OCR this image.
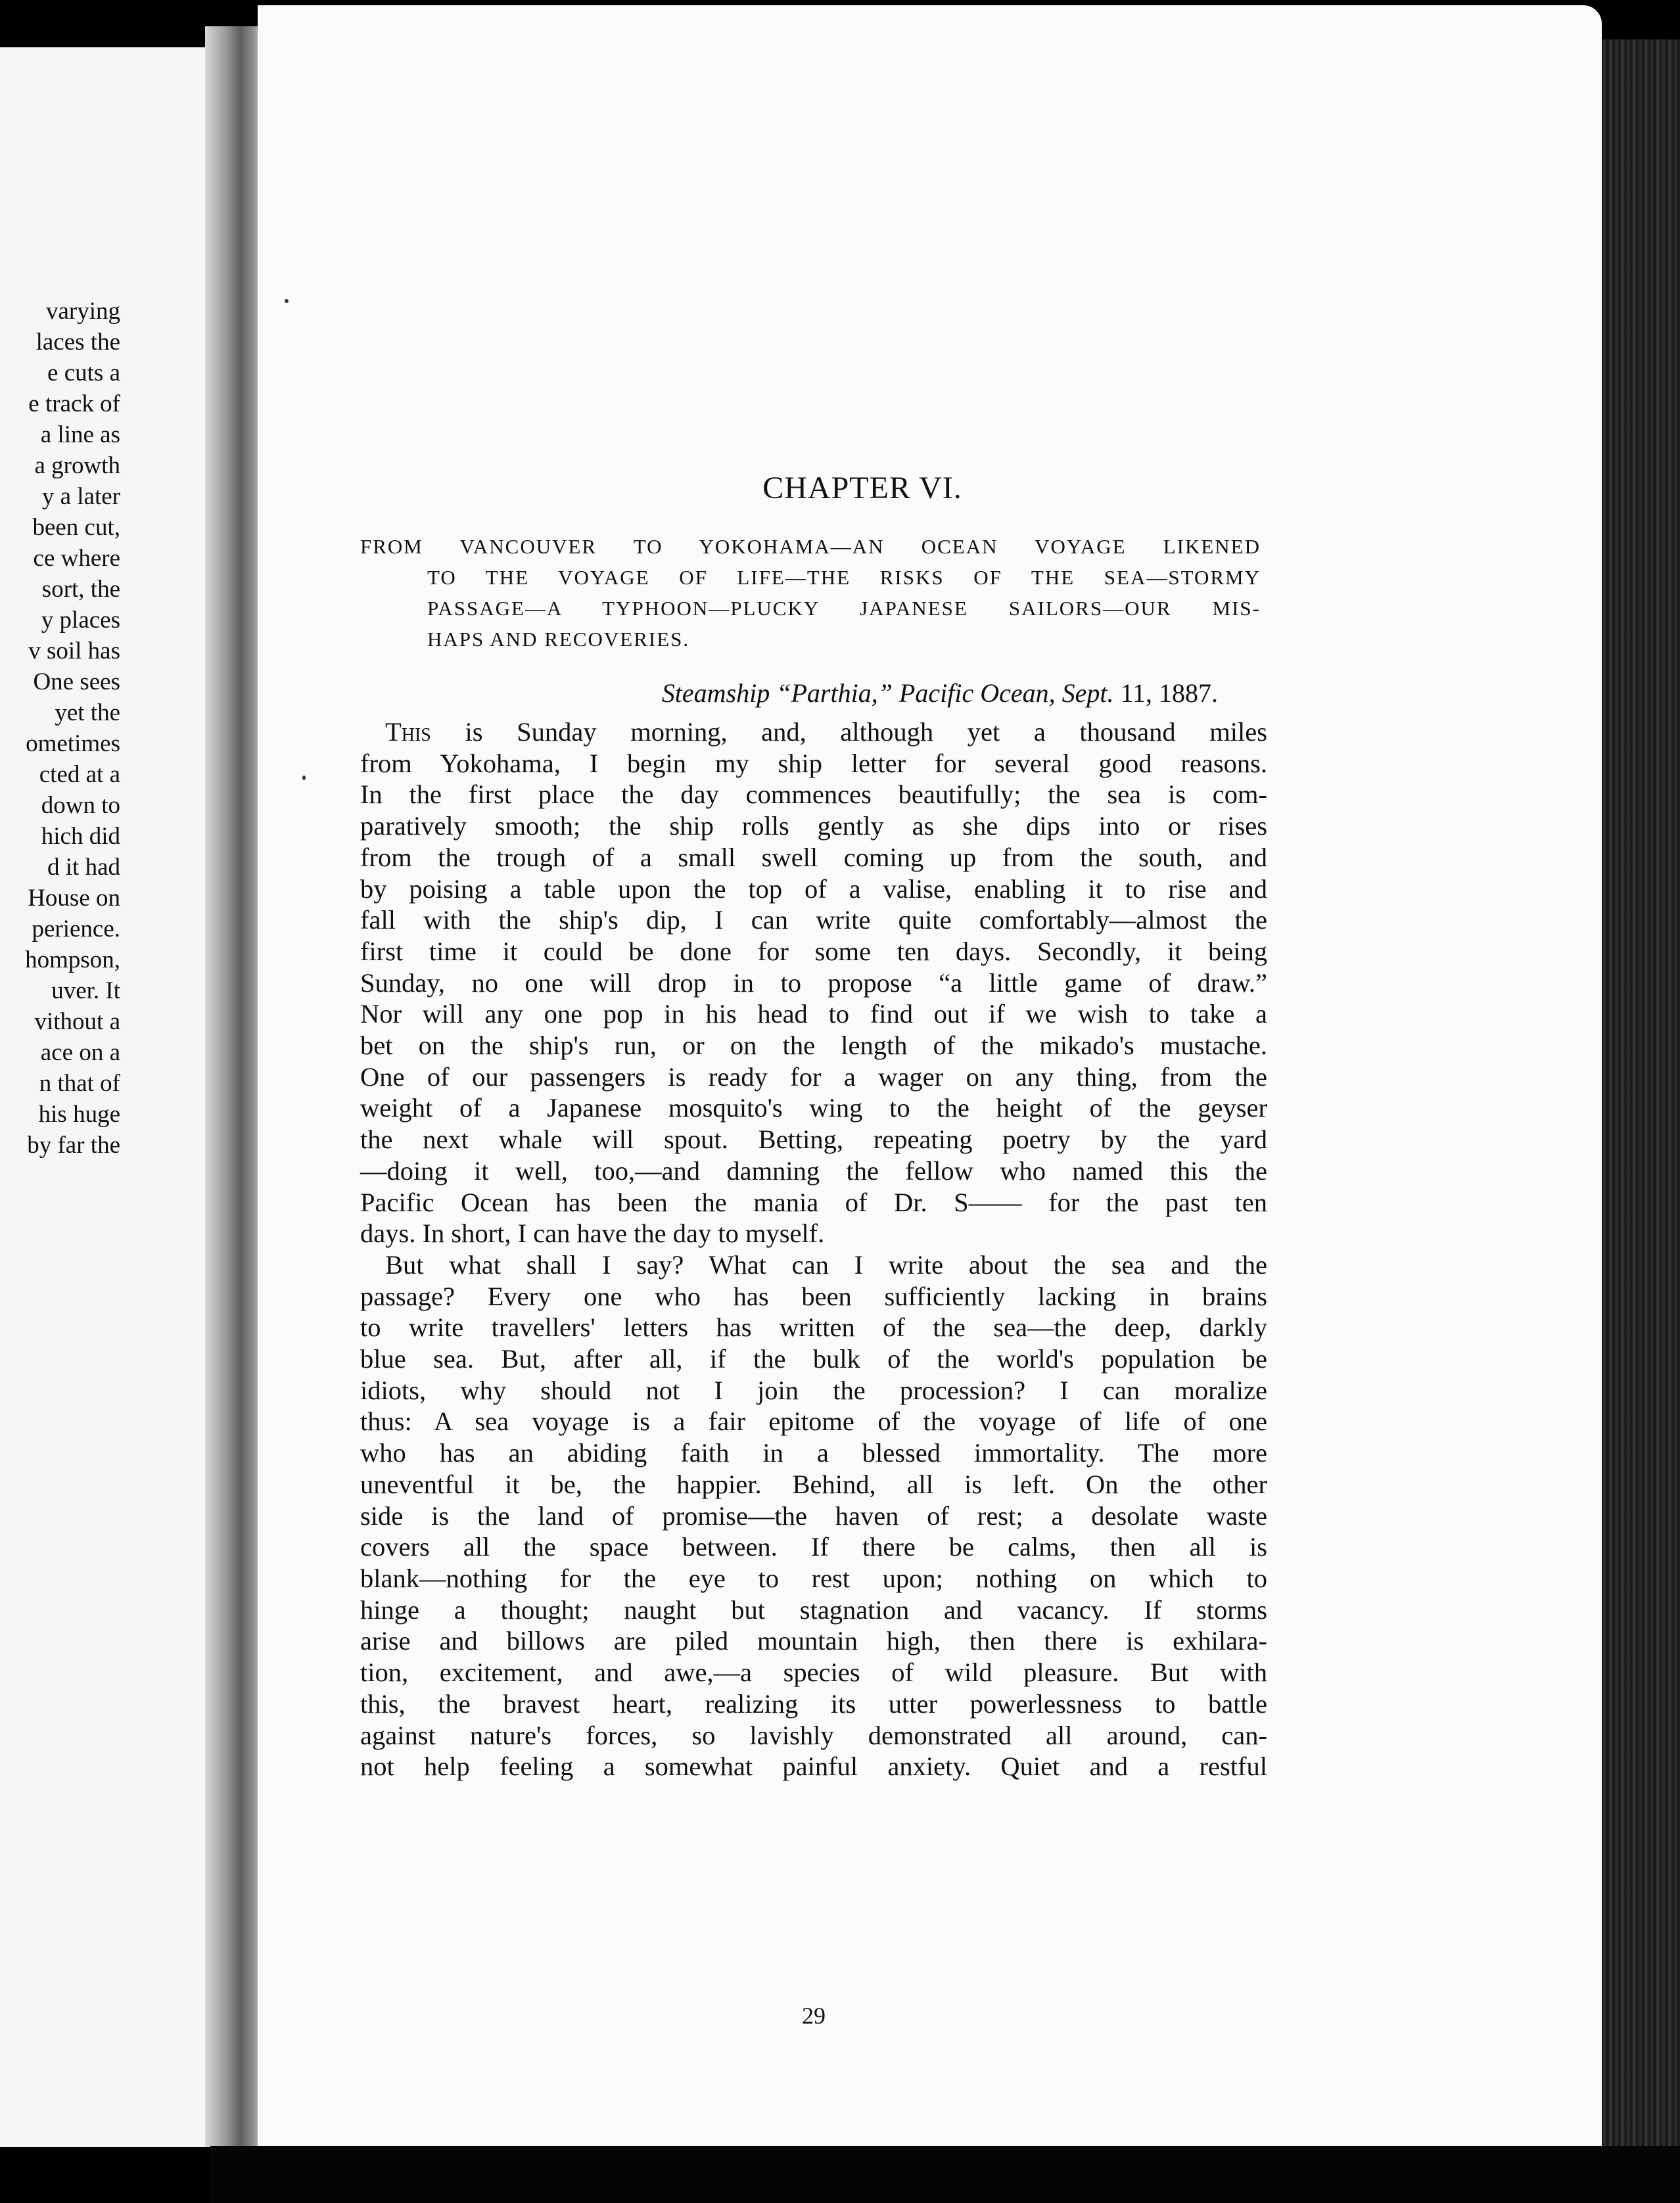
varying
laces the
e cuts a
e track of
a line as
a growth
y a later
been cut,
ce where
sort, the
y places
v soil has
One sees
yet the
ometimes
cted at a
down to
hich did
d it had
House on
perience.
hompson,
uver. It
vithout a
ace on a
n that of
his huge
by far the
CHAPTER VI.
FROM VANCOUVER TO YOKOHAMA—AN OCEAN VOYAGE LIKENED
TO THE VOYAGE OF LIFE—THE RISKS OF THE SEA—STORMY
PASSAGE—A TYPHOON—PLUCKY JAPANESE SAILORS—OUR MIS-
HAPS AND RECOVERIES.
Steamship “Parthia,” Pacific Ocean, Sept. 11, 1887.
This is Sunday morning, and, although yet a thousand miles
from Yokohama, I begin my ship letter for several good reasons.
In the first place the day commences beautifully; the sea is com-
paratively smooth; the ship rolls gently as she dips into or rises
from the trough of a small swell coming up from the south, and
by poising a table upon the top of a valise, enabling it to rise and
fall with the ship's dip, I can write quite comfortably—almost the
first time it could be done for some ten days. Secondly, it being
Sunday, no one will drop in to propose “a little game of draw.”
Nor will any one pop in his head to find out if we wish to take a
bet on the ship's run, or on the length of the mikado's mustache.
One of our passengers is ready for a wager on any thing, from the
weight of a Japanese mosquito's wing to the height of the geyser
the next whale will spout. Betting, repeating poetry by the yard
—doing it well, too,—and damning the fellow who named this the
Pacific Ocean has been the mania of Dr. S—— for the past ten
days. In short, I can have the day to myself.
But what shall I say? What can I write about the sea and the
passage? Every one who has been sufficiently lacking in brains
to write travellers' letters has written of the sea—the deep, darkly
blue sea. But, after all, if the bulk of the world's population be
idiots, why should not I join the procession? I can moralize
thus: A sea voyage is a fair epitome of the voyage of life of one
who has an abiding faith in a blessed immortality. The more
uneventful it be, the happier. Behind, all is left. On the other
side is the land of promise—the haven of rest; a desolate waste
covers all the space between. If there be calms, then all is
blank—nothing for the eye to rest upon; nothing on which to
hinge a thought; naught but stagnation and vacancy. If storms
arise and billows are piled mountain high, then there is exhilara-
tion, excitement, and awe,—a species of wild pleasure. But with
this, the bravest heart, realizing its utter powerlessness to battle
against nature's forces, so lavishly demonstrated all around, can-
not help feeling a somewhat painful anxiety. Quiet and a restful
29
